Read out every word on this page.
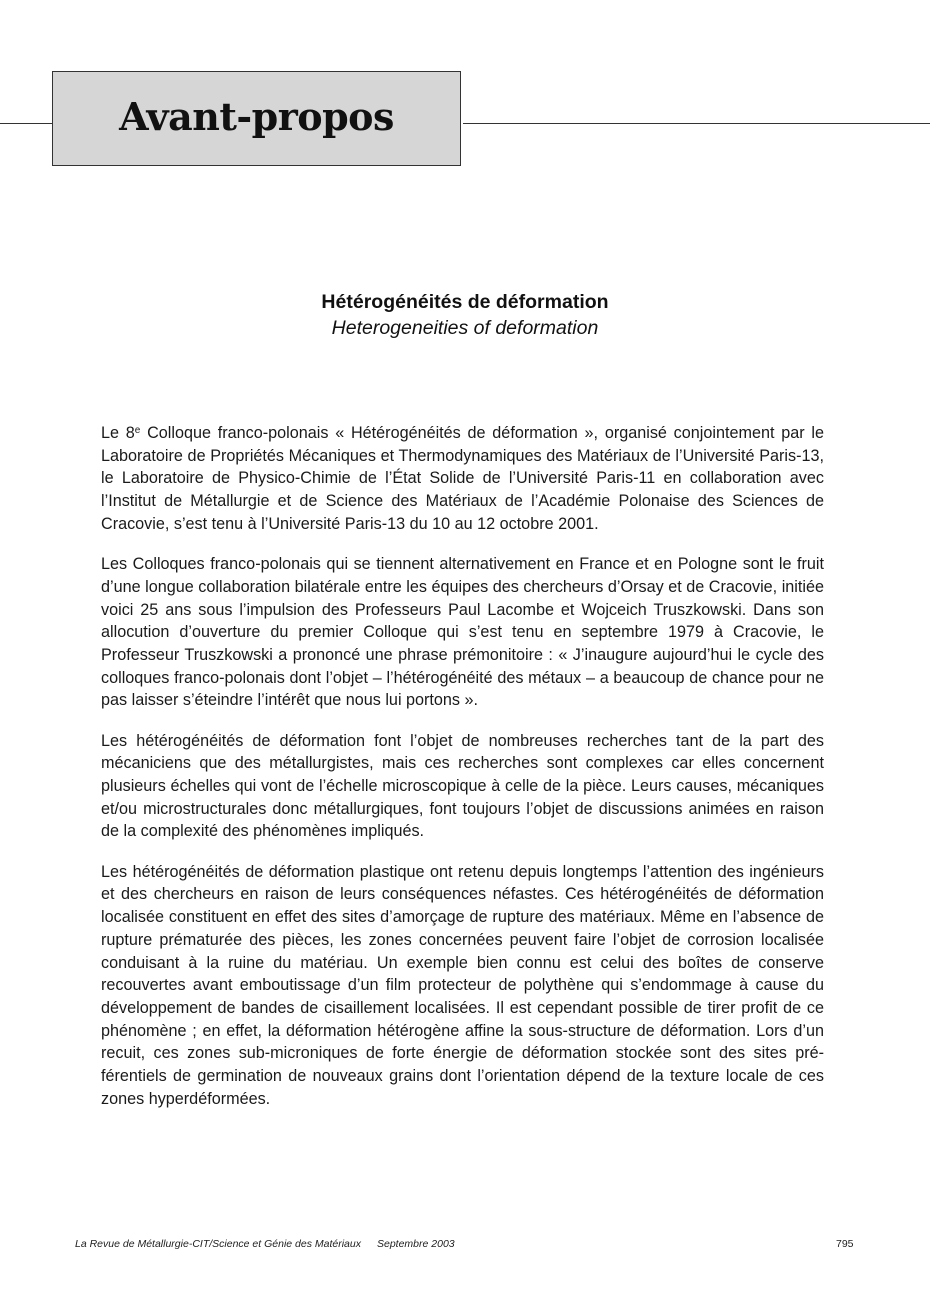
Avant-propos
Hétérogénéités de déformation
Heterogeneities of deformation

Le 8e Colloque franco-polonais « Hétérogénéités de déformation », organisé conjointement par le Laboratoire de Propriétés Mécaniques et Thermodynamiques des Matériaux de l’Université Paris-13, le Laboratoire de Physico-Chimie de l’État Solide de l’Université Paris-11 en collaboration avec l’Institut de Métallurgie et de Science des Matériaux de l’Académie Polonaise des Sciences de Cracovie, s’est tenu à l’Université Paris-13 du 10 au 12 octobre 2001.

Les Colloques franco-polonais qui se tiennent alternativement en France et en Pologne sont le fruit d’une longue collaboration bilatérale entre les équipes des chercheurs d’Orsay et de Cracovie, initiée voici 25 ans sous l’impulsion des Professeurs Paul Lacombe et Wojceich Truszkowski. Dans son allocution d’ouverture du premier Colloque qui s’est tenu en septembre 1979 à Cracovie, le Professeur Truszkowski a prononcé une phrase prémonitoire : « J’inaugure aujourd’hui le cycle des colloques franco-polonais dont l’objet – l’hétérogénéité des métaux – a beaucoup de chance pour ne pas laisser s’éteindre l’intérêt que nous lui portons ».

Les hétérogénéités de déformation font l’objet de nombreuses recherches tant de la part des mécaniciens que des métallurgistes, mais ces recherches sont complexes car elles concernent plusieurs échelles qui vont de l’échelle microscopique à celle de la pièce. Leurs causes, mécaniques et/ou microstructurales donc métallurgiques, font toujours l’objet de discussions animées en raison de la complexité des phénomènes impliqués.

Les hétérogénéités de déformation plastique ont retenu depuis longtemps l’attention des ingénieurs et des chercheurs en raison de leurs conséquences néfastes. Ces hétérogénéités de déformation localisée constituent en effet des sites d’amorçage de rupture des matériaux. Même en l’absence de rupture prématurée des pièces, les zones concernées peuvent faire l’objet de corrosion localisée conduisant à la ruine du matériau. Un exemple bien connu est celui des boîtes de conserve recouvertes avant emboutissage d’un film protecteur de polythène qui s’endommage à cause du développement de bandes de cisaillement localisées. Il est cependant possible de tirer profit de ce phénomène ; en effet, la déformation hétérogène affine la sous-structure de déformation. Lors d’un recuit, ces zones sub-microniques de forte énergie de déformation stockée sont des sites préférentiels de germination de nouveaux grains dont l’orientation dépend de la texture locale de ces zones hyperdéformées.

La Revue de Métallurgie-CIT/Science et Génie des Matériaux Septembre 2003	795
